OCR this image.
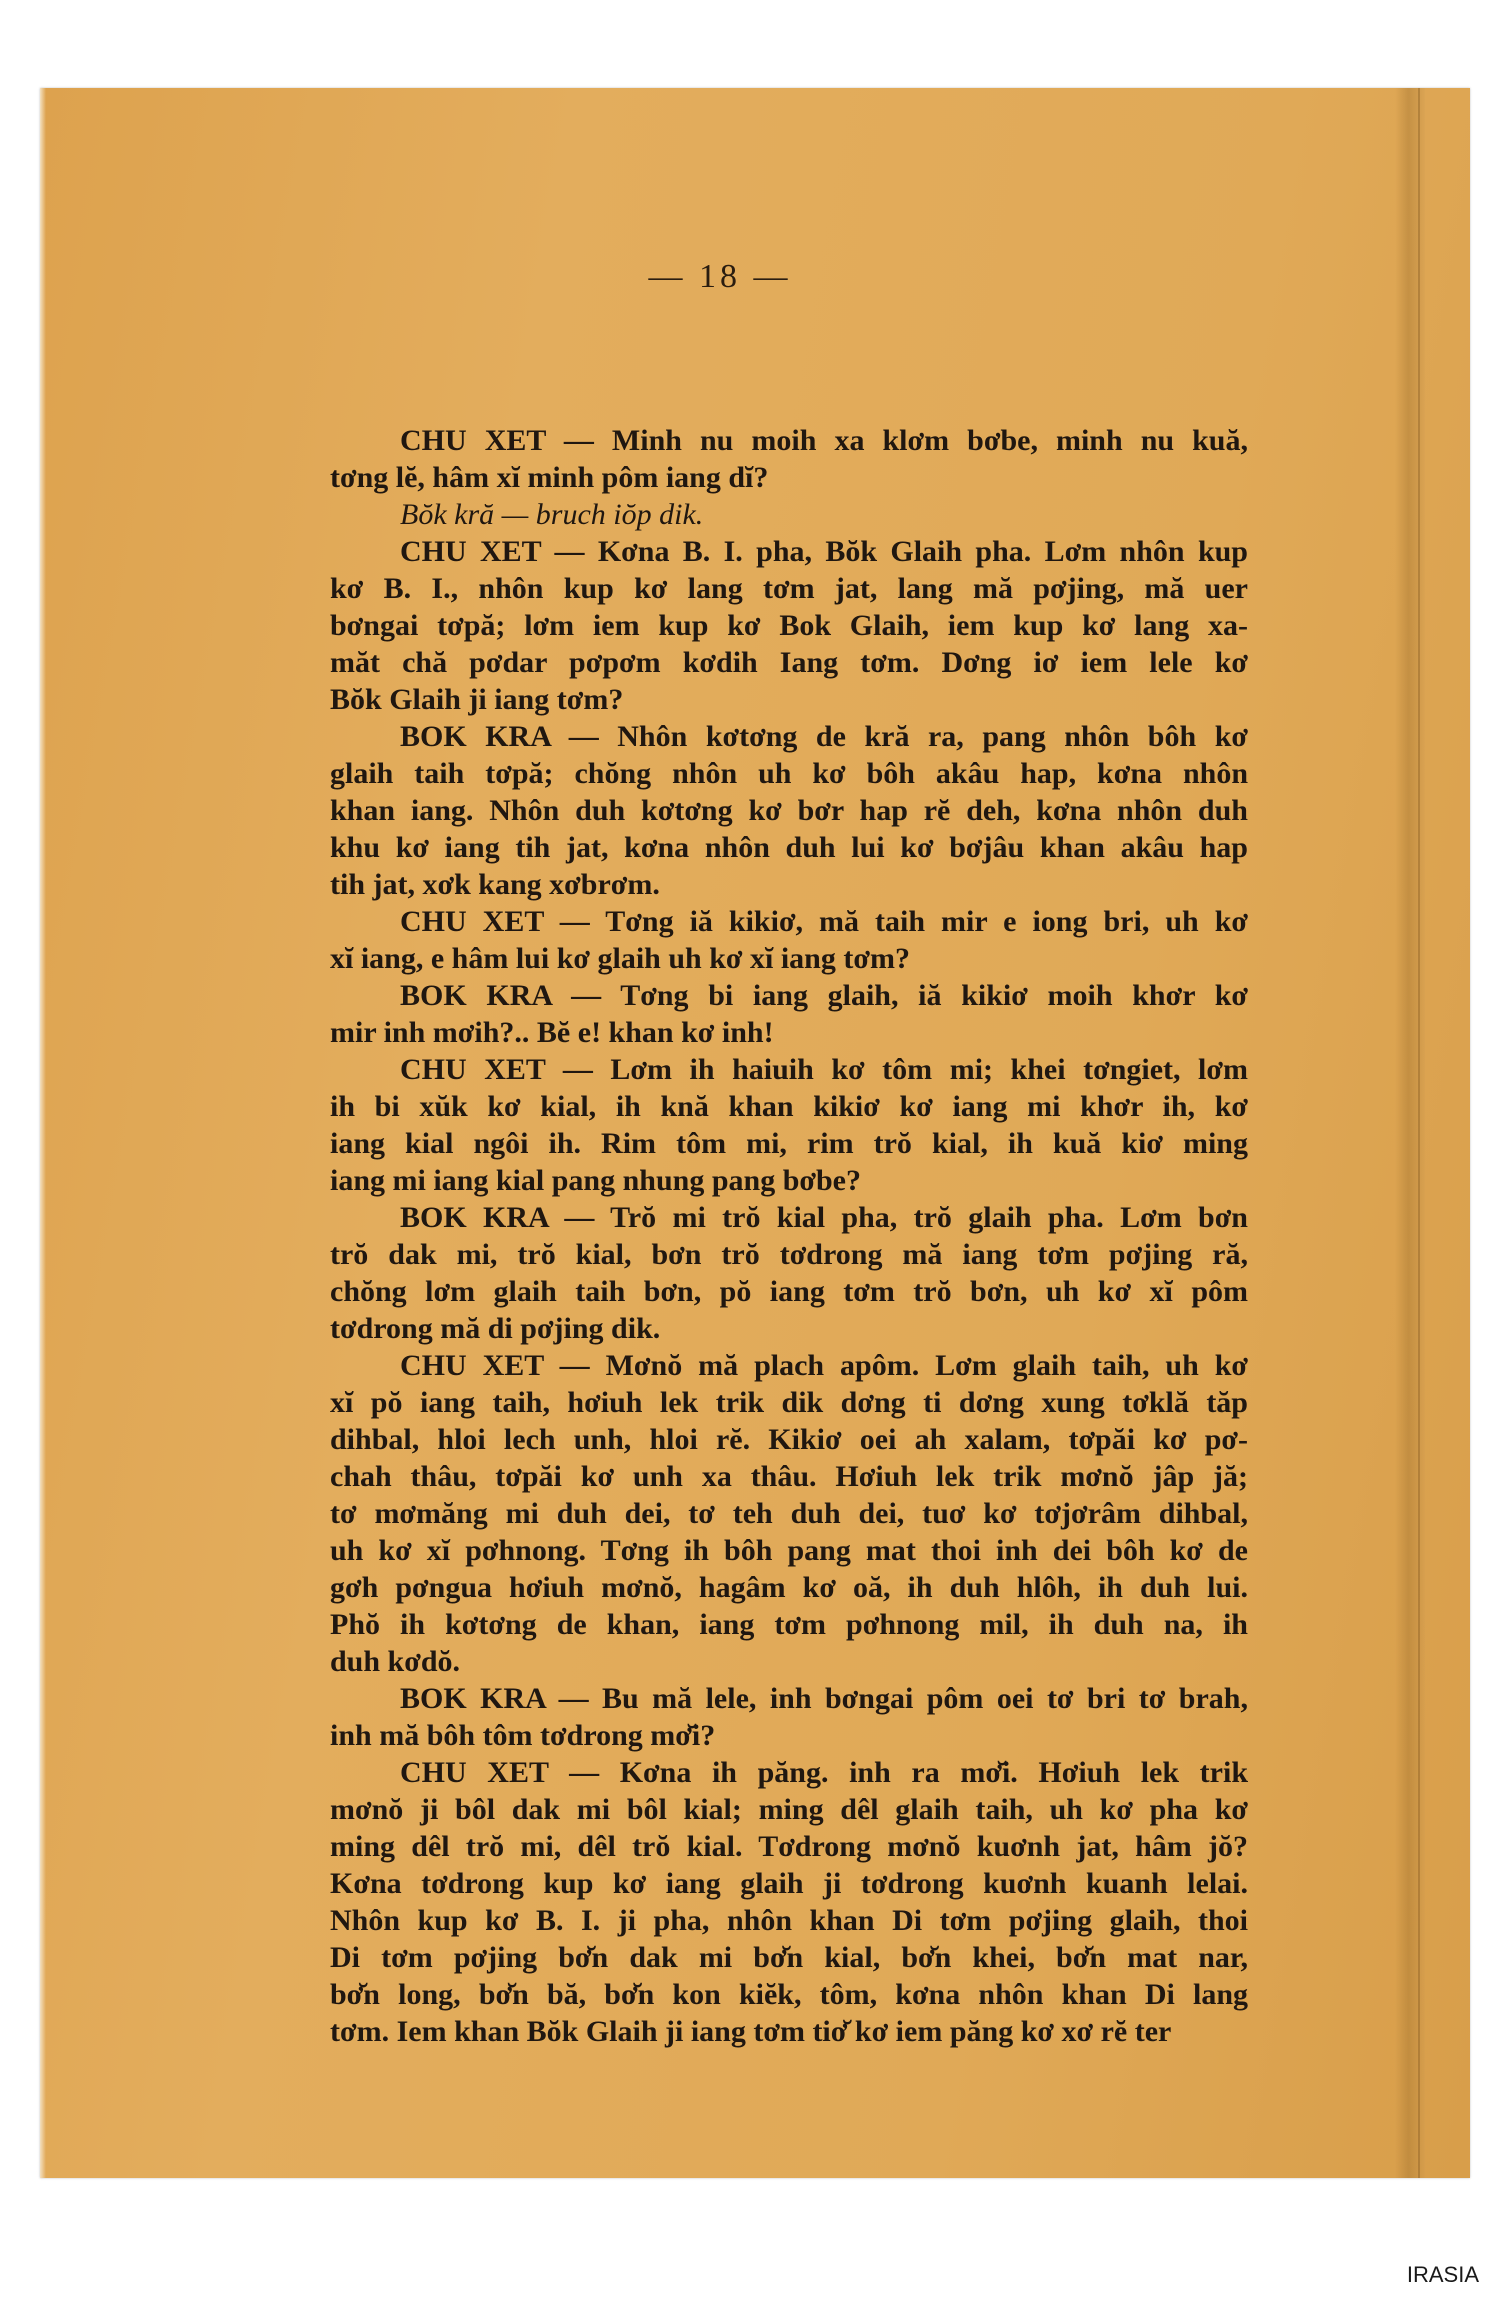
— 18 —
CHU XET — Minh nu moih xa klơm bơbe, minh nu kuă,
tơng lĕ, hâm xĭ minh pôm iang dĭ?
Bŏk kră — bruch iŏp dik.
CHU XET — Kơna B. I. pha, Bŏk Glaih pha. Lơm nhôn kup
kơ B. I., nhôn kup kơ lang tơm jat, lang mă pơjing, mă uer
bơngai tơpă; lơm iem kup kơ Bok Glaih, iem kup kơ lang xa-
măt chă pơdar pơpơm kơdih Iang tơm. Dơng iơ iem lele kơ
Bŏk Glaih ji iang tơm?
BOK KRA — Nhôn kơtơng de kră ra, pang nhôn bôh kơ
glaih taih tơpă; chŏng nhôn uh kơ bôh akâu hap, kơna nhôn
khan iang. Nhôn duh kơtơng kơ bơr hap rĕ deh, kơna nhôn duh
khu kơ iang tih jat, kơna nhôn duh lui kơ bơjâu khan akâu hap
tih jat, xơk kang xơbrơm.
CHU XET — Tơng iă kikiơ, mă taih mir e iong bri, uh kơ
xĭ iang, e hâm lui kơ glaih uh kơ xĭ iang tơm?
BOK KRA — Tơng bi iang glaih, iă kikiơ moih khơr kơ
mir inh mơih?.. Bĕ e! khan kơ inh!
CHU XET — Lơm ih haiuih kơ tôm mi; khei tơngiet, lơm
ih bi xŭk kơ kial, ih knă khan kikiơ kơ iang mi khơr ih, kơ
iang kial ngôi ih. Rim tôm mi, rim trŏ kial, ih kuă kiơ ming
iang mi iang kial pang nhung pang bơbe?
BOK KRA — Trŏ mi trŏ kial pha, trŏ glaih pha. Lơm bơn
trŏ dak mi, trŏ kial, bơn trŏ tơdrong mă iang tơm pơjing ră,
chŏng lơm glaih taih bơn, pŏ iang tơm trŏ bơn, uh kơ xĭ pôm
tơdrong mă di pơjing dik.
CHU XET — Mơnŏ mă plach apôm. Lơm glaih taih, uh kơ
xĭ pŏ iang taih, hơiuh lek trik dik dơng ti dơng xung tơklă tăp
dihbal, hloi lech unh, hloi rĕ. Kikiơ oei ah xalam, tơpăi kơ pơ-
chah thâu, tơpăi kơ unh xa thâu. Hơiuh lek trik mơnŏ jâp jă;
tơ mơmăng mi duh dei, tơ teh duh dei, tuơ kơ tơjơrâm dihbal,
uh kơ xĭ pơhnong. Tơng ih bôh pang mat thoi inh dei bôh kơ de
gơh pơngua hơiuh mơnŏ, hagâm kơ oă, ih duh hlôh, ih duh lui.
Phŏ ih kơtơng de khan, iang tơm pơhnong mil, ih duh na, ih
duh kơdŏ.
BOK KRA — Bu mă lele, inh bơngai pôm oei tơ bri tơ brah,
inh mă bôh tôm tơdrong mơ̆i?
CHU XET — Kơna ih păng. inh ra mơ̆i. Hơiuh lek trik
mơnŏ ji bôl dak mi bôl kial; ming dêl glaih taih, uh kơ pha kơ
ming dêl trŏ mi, dêl trŏ kial. Tơdrong mơnŏ kuơnh jat, hâm jŏ?
Kơna tơdrong kup kơ iang glaih ji tơdrong kuơnh kuanh lelai.
Nhôn kup kơ B. I. ji pha, nhôn khan Di tơm pơjing glaih, thoi
Di tơm pơjing bơ̆n dak mi bơ̆n kial, bơ̆n khei, bơ̆n mat nar,
bơ̆n long, bơ̆n bă, bơ̆n kon kiĕk, tôm, kơna nhôn khan Di lang
tơm. Iem khan Bŏk Glaih ji iang tơm tiơ̆ kơ iem păng kơ xơ rĕ ter
IRASIA
